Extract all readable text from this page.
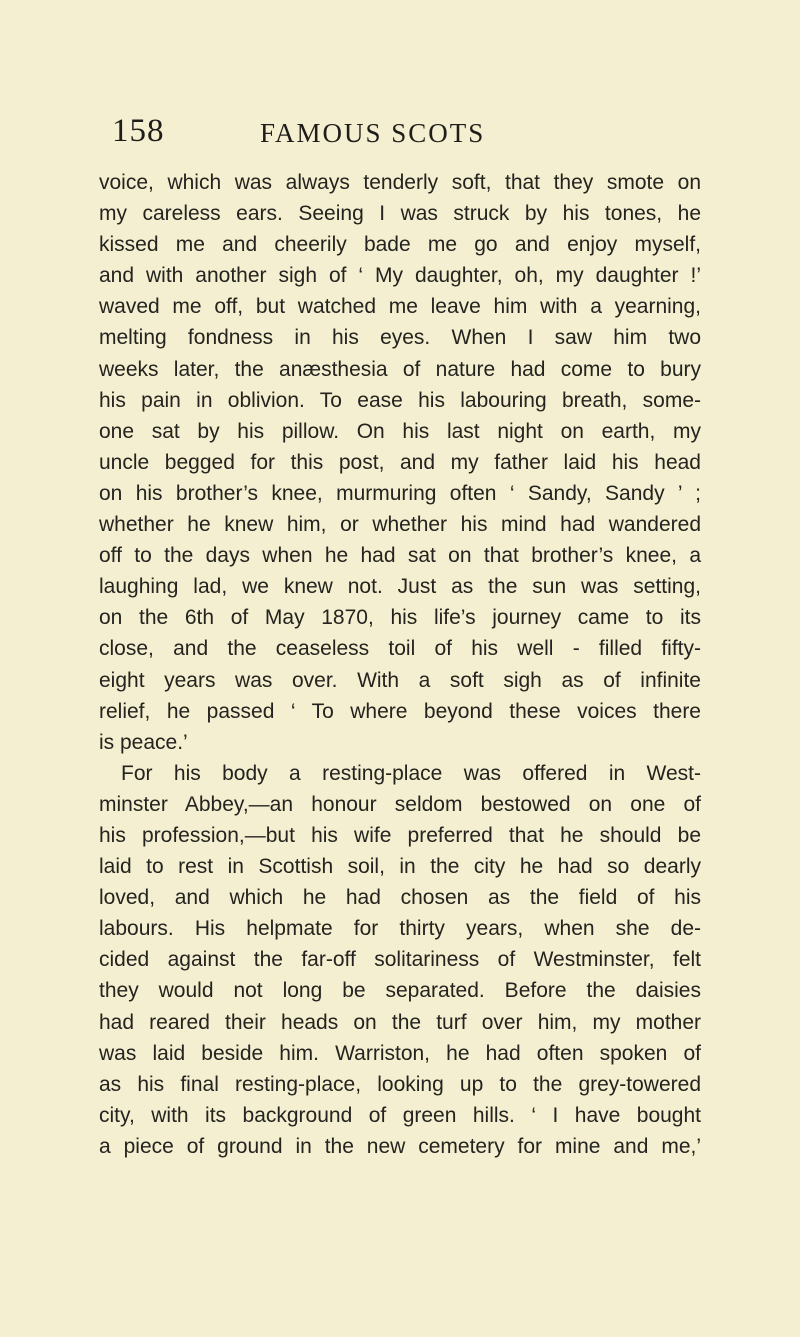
158	FAMOUS SCOTS
voice, which was always tenderly soft, that they smote on
my careless ears. Seeing I was struck by his tones, he
kissed me and cheerily bade me go and enjoy myself,
and with another sigh of ‘ My daughter, oh, my daughter !’
waved me off, but watched me leave him with a yearning,
melting fondness in his eyes. When I saw him two
weeks later, the anæsthesia of nature had come to bury
his pain in oblivion. To ease his labouring breath, some-
one sat by his pillow. On his last night on earth, my
uncle begged for this post, and my father laid his head
on his brother’s knee, murmuring often ‘ Sandy, Sandy ’ ;
whether he knew him, or whether his mind had wandered
off to the days when he had sat on that brother’s knee, a
laughing lad, we knew not. Just as the sun was setting,
on the 6th of May 1870, his life’s journey came to its
close, and the ceaseless toil of his well - filled fifty-
eight years was over. With a soft sigh as of infinite
relief, he passed ‘ To where beyond these voices there
is peace.’
For his body a resting-place was offered in West-
minster Abbey,—an honour seldom bestowed on one of
his profession,—but his wife preferred that he should be
laid to rest in Scottish soil, in the city he had so dearly
loved, and which he had chosen as the field of his
labours. His helpmate for thirty years, when she de-
cided against the far-off solitariness of Westminster, felt
they would not long be separated. Before the daisies
had reared their heads on the turf over him, my mother
was laid beside him. Warriston, he had often spoken of
as his final resting-place, looking up to the grey-towered
city, with its background of green hills. ‘ I have bought
a piece of ground in the new cemetery for mine and me,’
